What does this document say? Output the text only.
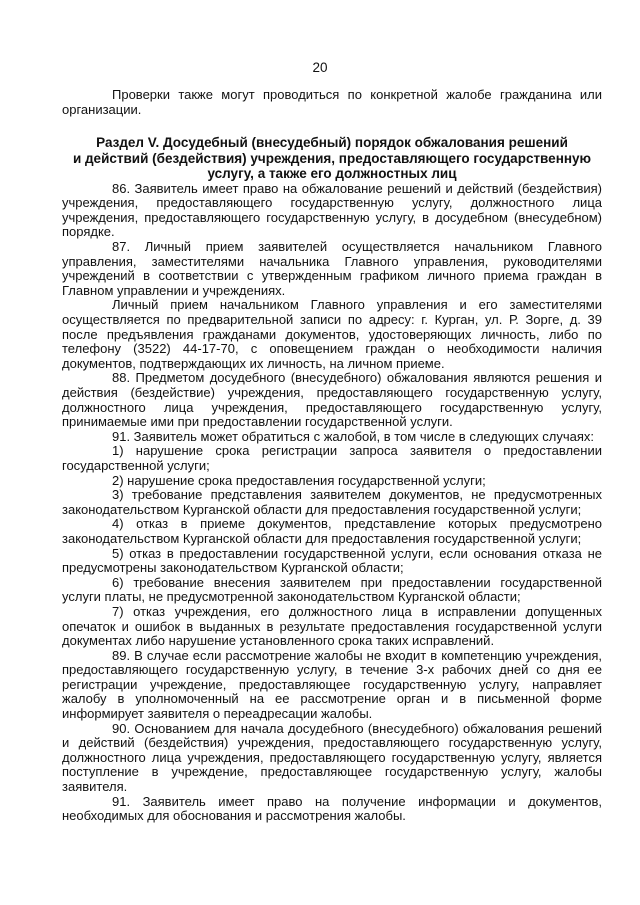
20

Проверки также могут проводиться по конкретной жалобе гражданина или организации.

Раздел V. Досудебный (внесудебный) порядок обжалования решений
и действий (бездействия) учреждения, предоставляющего государственную
услугу, а также его должностных лиц

86. Заявитель имеет право на обжалование решений и действий (бездействия) учреждения, предоставляющего государственную услугу, должностного лица учреждения, предоставляющего государственную услугу, в досудебном (внесудебном) порядке.

87. Личный прием заявителей осуществляется начальником Главного управления, заместителями начальника Главного управления, руководителями учреждений в соответствии с утвержденным графиком личного приема граждан в Главном управлении и учреждениях.

Личный прием начальником Главного управления и его заместителями осуществляется по предварительной записи по адресу: г. Курган, ул. Р. Зорге, д. 39 после предъявления гражданами документов, удостоверяющих личность, либо по телефону (3522) 44-17-70, с оповещением граждан о необходимости наличия документов, подтверждающих их личность, на личном приеме.

88. Предметом досудебного (внесудебного) обжалования являются решения и действия (бездействие) учреждения, предоставляющего государственную услугу, должностного лица учреждения, предоставляющего государственную услугу, принимаемые ими при предоставлении государственной услуги.

91. Заявитель может обратиться с жалобой, в том числе в следующих случаях:

1) нарушение срока регистрации запроса заявителя о предоставлении государственной услуги;

2) нарушение срока предоставления государственной услуги;

3) требование представления заявителем документов, не предусмотренных законодательством Курганской области для предоставления государственной услуги;

4) отказ в приеме документов, представление которых предусмотрено законодательством Курганской области для предоставления государственной услуги;

5) отказ в предоставлении государственной услуги, если основания отказа не предусмотрены законодательством Курганской области;

6) требование внесения заявителем при предоставлении государственной услуги платы, не предусмотренной законодательством Курганской области;

7) отказ учреждения, его должностного лица в исправлении допущенных опечаток и ошибок в выданных в результате предоставления государственной услуги документах либо нарушение установленного срока таких исправлений.

89. В случае если рассмотрение жалобы не входит в компетенцию учреждения, предоставляющего государственную услугу, в течение 3-х рабочих дней со дня ее регистрации учреждение, предоставляющее государственную услугу, направляет жалобу в уполномоченный на ее рассмотрение орган и в письменной форме информирует заявителя о переадресации жалобы.

90. Основанием для начала досудебного (внесудебного) обжалования решений и действий (бездействия) учреждения, предоставляющего государственную услугу, должностного лица учреждения, предоставляющего государственную услугу, является поступление в учреждение, предоставляющее государственную услугу, жалобы заявителя.

91. Заявитель имеет право на получение информации и документов, необходимых для обоснования и рассмотрения жалобы.
